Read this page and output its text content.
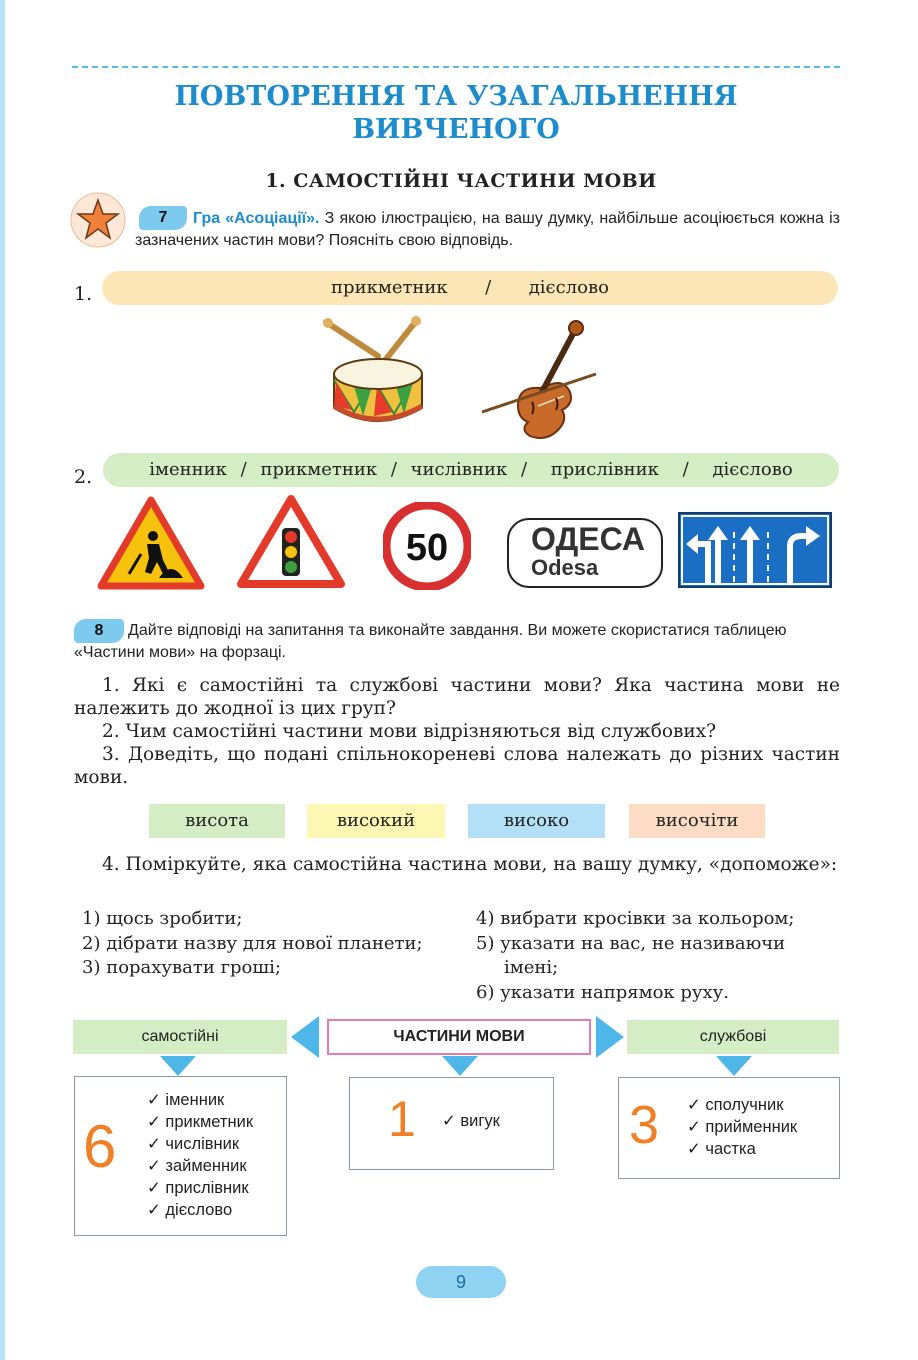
ПОВТОРЕННЯ ТА УЗАГАЛЬНЕННЯ
ВИВЧЕНОГО
1. САМОСТІЙНІ ЧАСТИНИ МОВИ
7	Гра «Асоціації». З якою ілюстрацією, на вашу думку, найбільше асоціюється кожна із зазначених частин мови? Поясніть свою відповідь.
1.	прикметник / дієслово
2.	іменник / прикметник / числівник / прислівник / дієслово
50	ОДЕСА
Odesa
8	Дайте відповіді на запитання та виконайте завдання. Ви можете скористатися таблицею «Частини мови» на форзаці.
1. Які є самостійні та службові частини мови? Яка частина мови не належить до жодної із цих груп?
2. Чим самостійні частини мови відрізняються від службових?
3. Доведіть, що подані спільнокореневі слова належать до різних частин мови.
висота	високий	високо	височіти
4. Поміркуйте, яка самостійна частина мови, на вашу думку, «допоможе»:
1) щось зробити;
2) дібрати назву для нової планети;
3) порахувати гроші;
4) вибрати кросівки за кольором;
5) указати на вас, не називаючи
імені;
6) указати напрямок руху.
самостійні	ЧАСТИНИ МОВИ	службові
6
✓ іменник
✓ прикметник
✓ числівник
✓ займенник
✓ прислівник
✓ дієслово
1 ✓ вигук 3 ✓ сполучник
✓ прийменник
✓ частка
9
